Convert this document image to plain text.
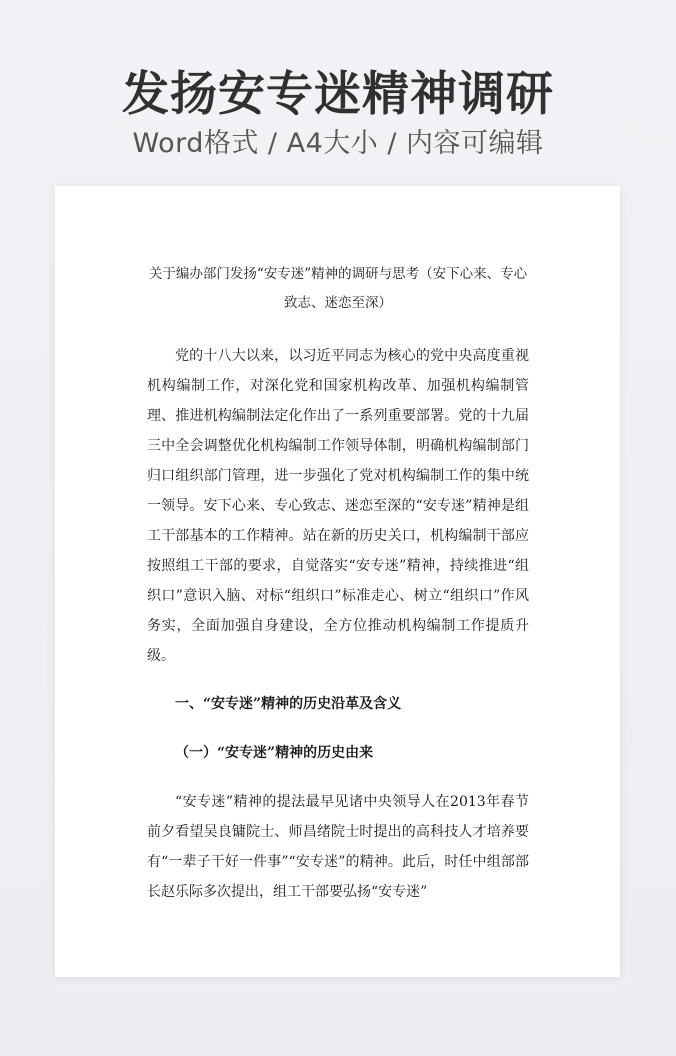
发扬安专迷精神调研
Word格式 / A4大小 / 内容可编辑

关于编办部门发扬“安专迷”精神的调研与思考（安下心来、专心致志、迷恋至深）

党的十八大以来，以习近平同志为核心的党中央高度重视机构编制工作，对深化党和国家机构改革、加强机构编制管理、推进机构编制法定化作出了一系列重要部署。党的十九届三中全会调整优化机构编制工作领导体制，明确机构编制部门归口组织部门管理，进一步强化了党对机构编制工作的集中统一领导。安下心来、专心致志、迷恋至深的“安专迷”精神是组工干部基本的工作精神。站在新的历史关口，机构编制干部应按照组工干部的要求，自觉落实“安专迷”精神，持续推进“组织口”意识入脑、对标“组织口”标准走心、树立“组织口”作风务实，全面加强自身建设，全方位推动机构编制工作提质升级。

一、“安专迷”精神的历史沿革及含义

（一）“安专迷”精神的历史由来

“安专迷”精神的提法最早见诸中央领导人在2013年春节前夕看望吴良镛院士、师昌绪院士时提出的高科技人才培养要有“一辈子干好一件事”“安专迷”的精神。此后，时任中组部部长赵乐际多次提出，组工干部要弘扬“安专迷”
